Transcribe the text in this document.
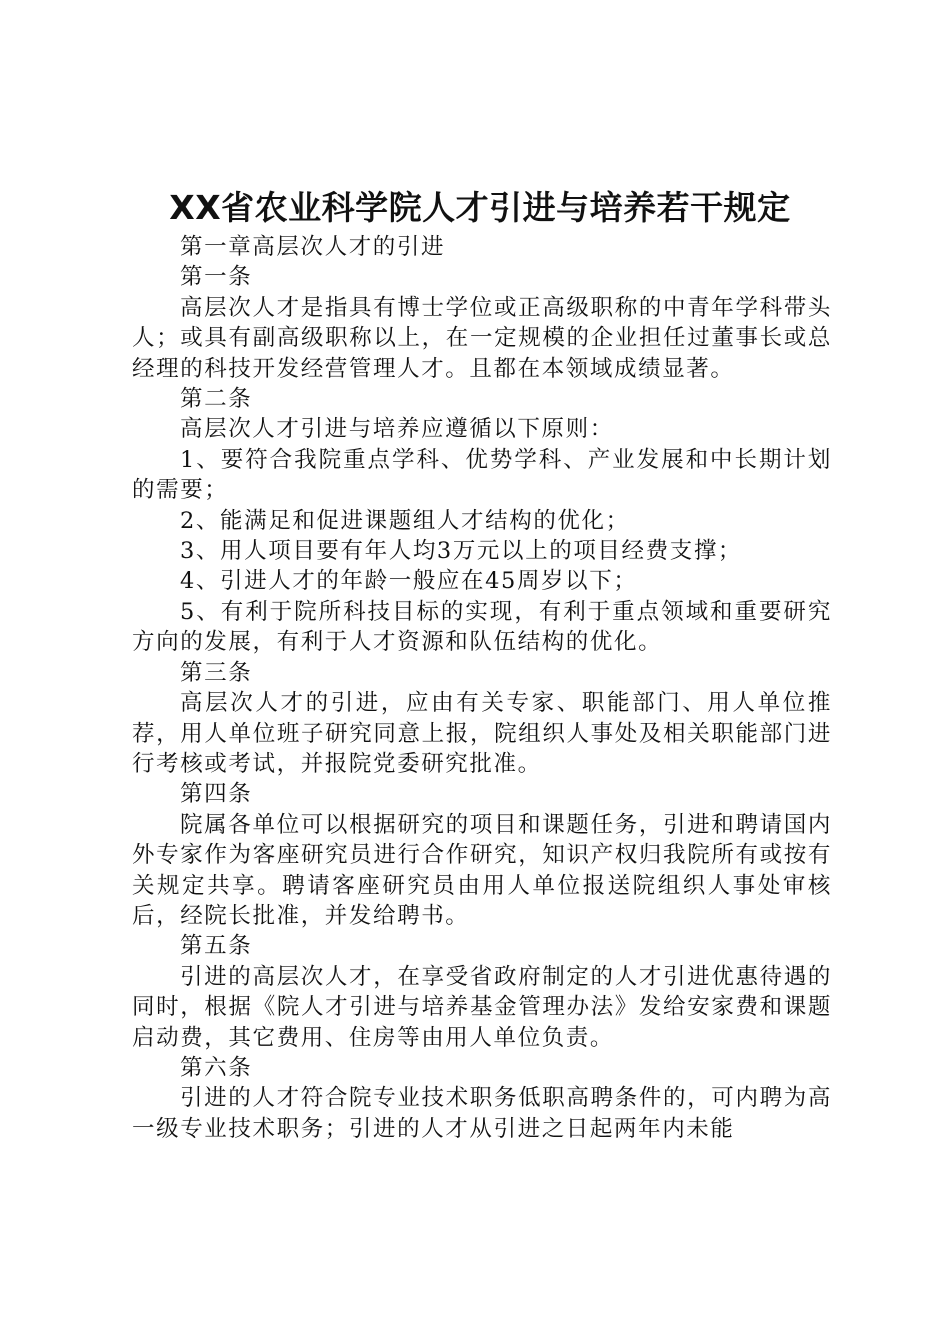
XX省农业科学院人才引进与培养若干规定
第一章高层次人才的引进
第一条

高层次人才是指具有博士学位或正高级职称的中青年学科带头人；或具有副高级职称以上，在一定规模的企业担任过董事长或总经理的科技开发经营管理人才。且都在本领域成绩显著。

第二条

高层次人才引进与培养应遵循以下原则：

1、要符合我院重点学科、优势学科、产业发展和中长期计划的需要；

2、能满足和促进课题组人才结构的优化；

3、用人项目要有年人均3万元以上的项目经费支撑；

4、引进人才的年龄一般应在45周岁以下；

5、有利于院所科技目标的实现，有利于重点领域和重要研究方向的发展，有利于人才资源和队伍结构的优化。

第三条

高层次人才的引进，应由有关专家、职能部门、用人单位推荐，用人单位班子研究同意上报，院组织人事处及相关职能部门进行考核或考试，并报院党委研究批准。

第四条

院属各单位可以根据研究的项目和课题任务，引进和聘请国内外专家作为客座研究员进行合作研究，知识产权归我院所有或按有关规定共享。聘请客座研究员由用人单位报送院组织人事处审核后，经院长批准，并发给聘书。

第五条

引进的高层次人才，在享受省政府制定的人才引进优惠待遇的同时，根据《院人才引进与培养基金管理办法》发给安家费和课题启动费，其它费用、住房等由用人单位负责。

第六条

引进的人才符合院专业技术职务低职高聘条件的，可内聘为高一级专业技术职务；引进的人才从引进之日起两年内未能
